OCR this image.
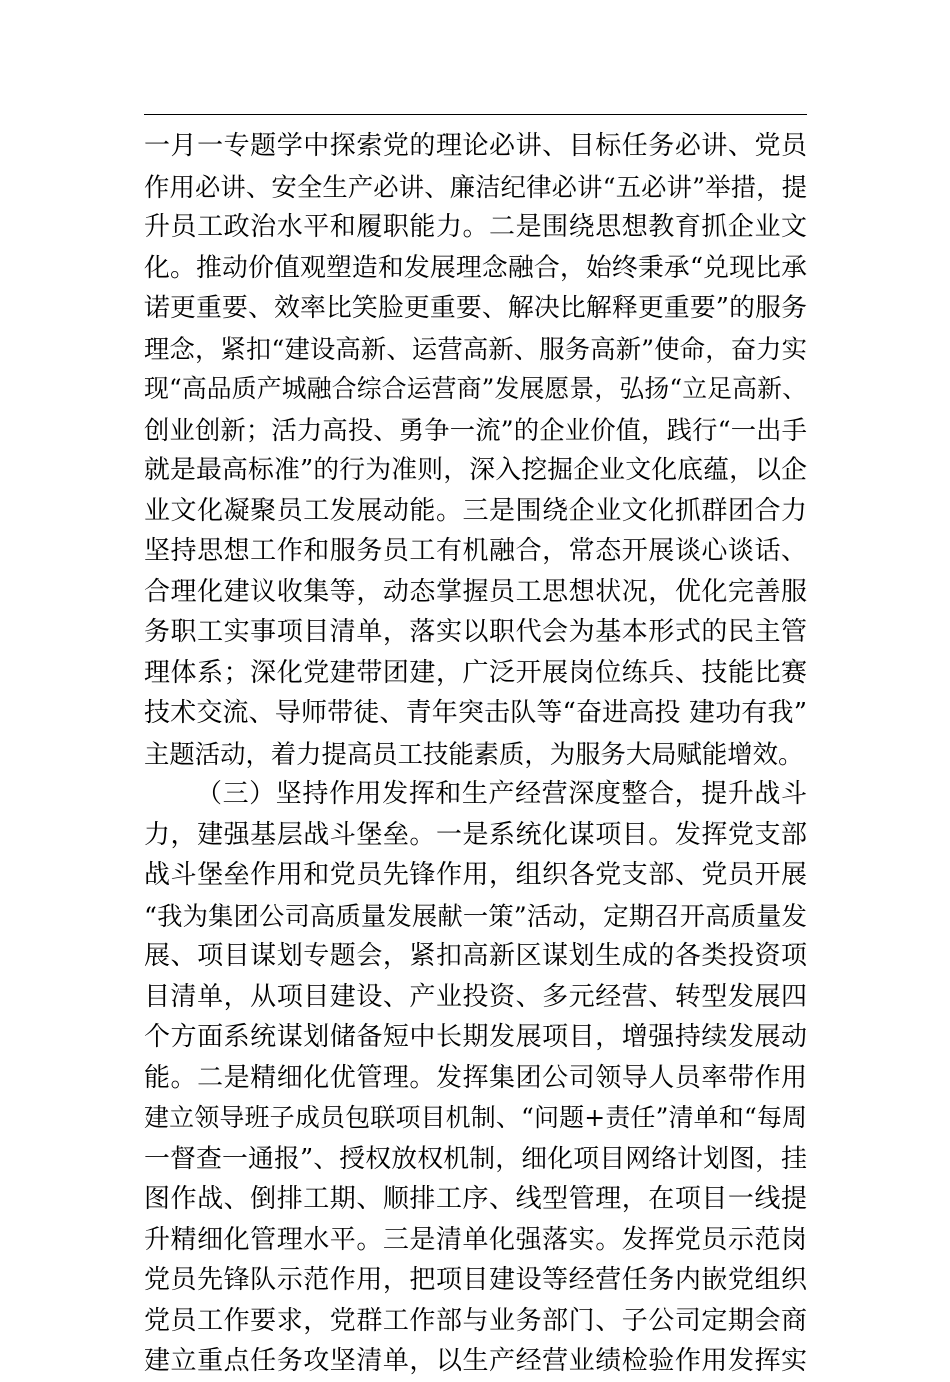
一月一专题学中探索党的理论必讲、目标任务必讲、党员
作用必讲、安全生产必讲、廉洁纪律必讲“五必讲”举措，提
升员工政治水平和履职能力。二是围绕思想教育抓企业文
化。推动价值观塑造和发展理念融合，始终秉承“兑现比承
诺更重要、效率比笑脸更重要、解决比解释更重要”的服务
理念，紧扣“建设高新、运营高新、服务高新”使命，奋力实
现“高品质产城融合综合运营商”发展愿景，弘扬“立足高新、
创业创新；活力高投、勇争一流”的企业价值，践行“一出手
就是最高标准”的行为准则，深入挖掘企业文化底蕴，以企
业文化凝聚员工发展动能。三是围绕企业文化抓群团合力
坚持思想工作和服务员工有机融合，常态开展谈心谈话、
合理化建议收集等，动态掌握员工思想状况，优化完善服
务职工实事项目清单，落实以职代会为基本形式的民主管
理体系；深化党建带团建，广泛开展岗位练兵、技能比赛
技术交流、导师带徒、青年突击队等“奋进高投 建功有我”
主题活动，着力提高员工技能素质，为服务大局赋能增效。
（三）坚持作用发挥和生产经营深度整合，提升战斗
力，建强基层战斗堡垒。一是系统化谋项目。发挥党支部
战斗堡垒作用和党员先锋作用，组织各党支部、党员开展
“我为集团公司高质量发展献一策”活动，定期召开高质量发
展、项目谋划专题会，紧扣高新区谋划生成的各类投资项
目清单，从项目建设、产业投资、多元经营、转型发展四
个方面系统谋划储备短中长期发展项目，增强持续发展动
能。二是精细化优管理。发挥集团公司领导人员率带作用
建立领导班子成员包联项目机制、“问题+责任”清单和“每周
一督查一通报”、授权放权机制，细化项目网络计划图，挂
图作战、倒排工期、顺排工序、线型管理，在项目一线提
升精细化管理水平。三是清单化强落实。发挥党员示范岗
党员先锋队示范作用，把项目建设等经营任务内嵌党组织
党员工作要求，党群工作部与业务部门、子公司定期会商
建立重点任务攻坚清单，以生产经营业绩检验作用发挥实
